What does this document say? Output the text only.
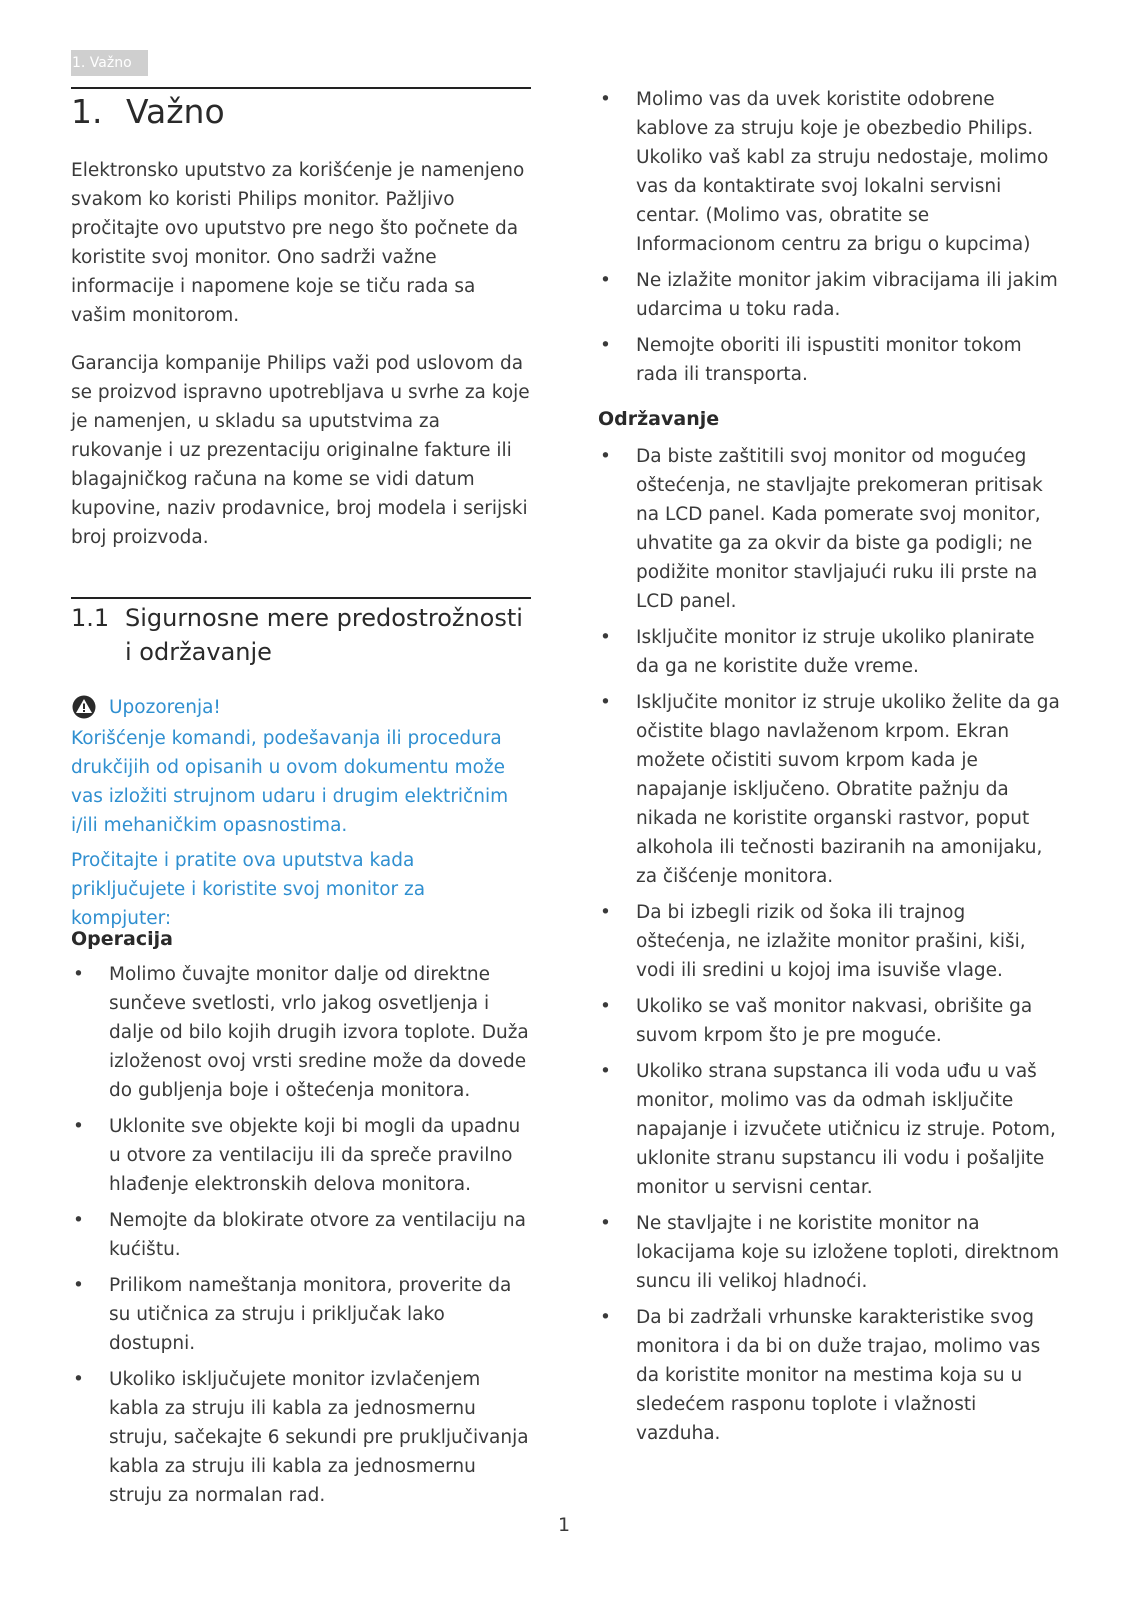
1. Važno
1. Važno

Elektronsko uputstvo za korišćenje je namenjeno svakom ko koristi Philips monitor. Pažljivo pročitajte ovo uputstvo pre nego što počnete da koristite svoj monitor. Ono sadrži važne informacije i napomene koje se tiču rada sa vašim monitorom.

Garancija kompanije Philips važi pod uslovom da se proizvod ispravno upotrebljava u svrhe za koje je namenjen, u skladu sa uputstvima za rukovanje i uz prezentaciju originalne fakture ili blagajničkog računa na kome se vidi datum kupovine, naziv prodavnice, broj modela i serijski broj proizvoda.

1.1 Sigurnosne mere predostrožnosti i održavanje
Upozorenja!

Korišćenje komandi, podešavanja ili procedura drukčijih od opisanih u ovom dokumentu može vas izložiti strujnom udaru i drugim električnim i/ili mehaničkim opasnostima.

Pročitajte i pratite ova uputstva kada priključujete i koristite svoj monitor za kompjuter:

Operacija
• Molimo čuvajte monitor dalje od direktne sunčeve svetlosti, vrlo jakog osvetljenja i dalje od bilo kojih drugih izvora toplote. Duža izloženost ovoj vrsti sredine može da dovede do gubljenja boje i oštećenja monitora.
• Uklonite sve objekte koji bi mogli da upadnu u otvore za ventilaciju ili da spreče pravilno hlađenje elektronskih delova monitora.
• Nemojte da blokirate otvore za ventilaciju na kućištu.
• Prilikom nameštanja monitora, proverite da su utičnica za struju i priključak lako dostupni.
• Ukoliko isključujete monitor izvlačenjem kabla za struju ili kabla za jednosmernu struju, sačekajte 6 sekundi pre pruključivanja kabla za struju ili kabla za jednosmernu struju za normalan rad.
• Molimo vas da uvek koristite odobrene kablove za struju koje je obezbedio Philips. Ukoliko vaš kabl za struju nedostaje, molimo vas da kontaktirate svoj lokalni servisni centar. (Molimo vas, obratite se Informacionom centru za brigu o kupcima)
• Ne izlažite monitor jakim vibracijama ili jakim udarcima u toku rada.
• Nemojte oboriti ili ispustiti monitor tokom rada ili transporta.
Održavanje
• Da biste zaštitili svoj monitor od mogućeg oštećenja, ne stavljajte prekomeran pritisak na LCD panel. Kada pomerate svoj monitor, uhvatite ga za okvir da biste ga podigli; ne podižite monitor stavljajući ruku ili prste na LCD panel.
• Isključite monitor iz struje ukoliko planirate da ga ne koristite duže vreme.
• Isključite monitor iz struje ukoliko želite da ga očistite blago navlaženom krpom. Ekran možete očistiti suvom krpom kada je napajanje isključeno. Obratite pažnju da nikada ne koristite organski rastvor, poput alkohola ili tečnosti baziranih na amonijaku, za čišćenje monitora.
• Da bi izbegli rizik od šoka ili trajnog oštećenja, ne izlažite monitor prašini, kiši, vodi ili sredini u kojoj ima isuviše vlage.
• Ukoliko se vaš monitor nakvasi, obrišite ga suvom krpom što je pre moguće.
• Ukoliko strana supstanca ili voda uđu u vaš monitor, molimo vas da odmah isključite napajanje i izvučete utičnicu iz struje. Potom, uklonite stranu supstancu ili vodu i pošaljite monitor u servisni centar.
• Ne stavljajte i ne koristite monitor na lokacijama koje su izložene toploti, direktnom suncu ili velikoj hladnoći.
• Da bi zadržali vrhunske karakteristike svog monitora i da bi on duže trajao, molimo vas da koristite monitor na mestima koja su u sledećem rasponu toplote i vlažnosti vazduha.
1
